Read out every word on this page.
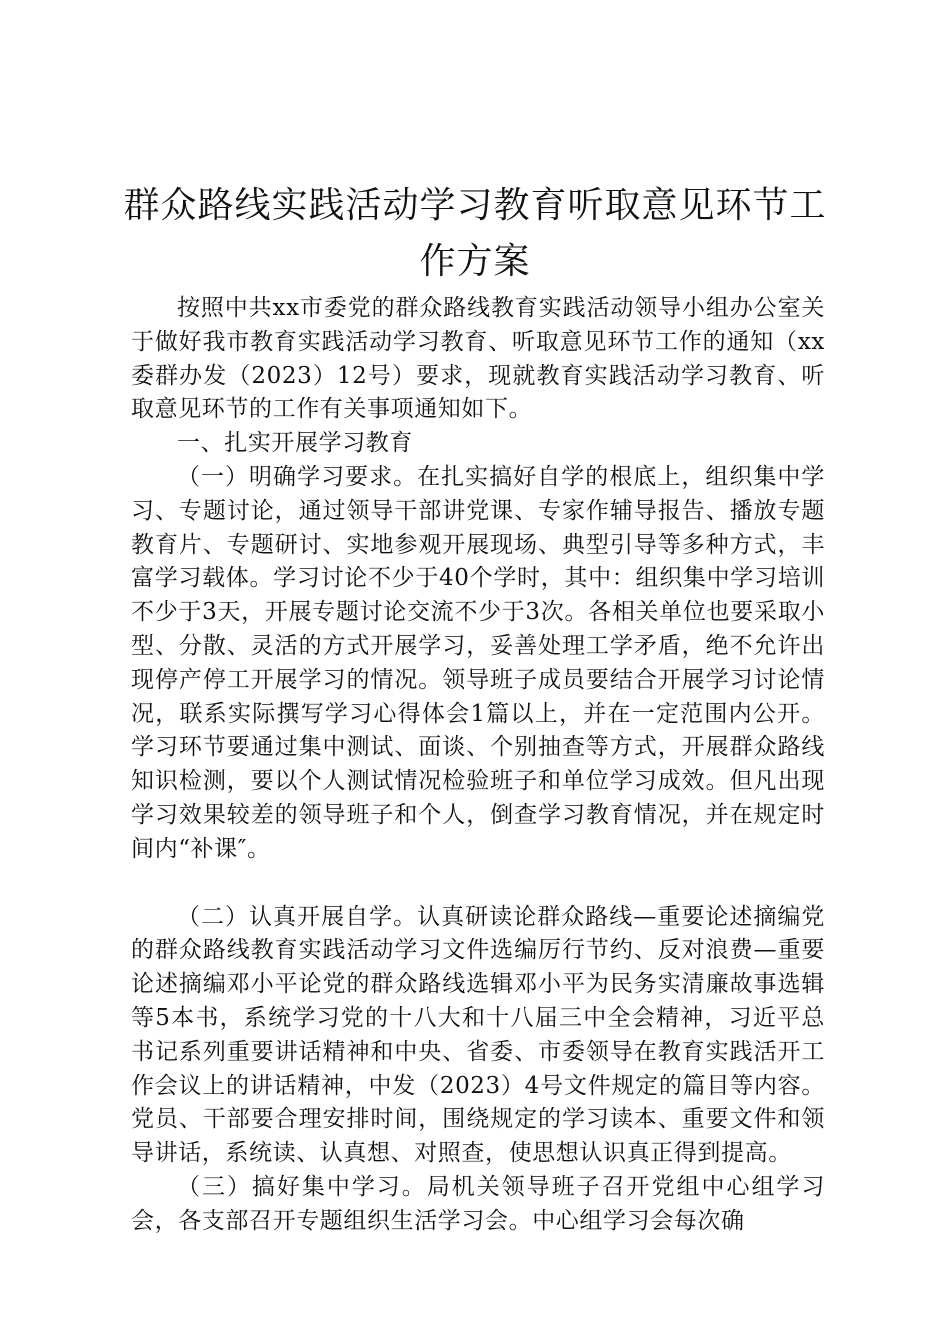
群众路线实践活动学习教育听取意见环节工作方案

按照中共xx市委党的群众路线教育实践活动领导小组办公室关于做好我市教育实践活动学习教育、听取意见环节工作的通知（xx委群办发（2023）12号）要求，现就教育实践活动学习教育、听取意见环节的工作有关事项通知如下。

一、扎实开展学习教育

（一）明确学习要求。在扎实搞好自学的根底上，组织集中学习、专题讨论，通过领导干部讲党课、专家作辅导报告、播放专题教育片、专题研讨、实地参观开展现场、典型引导等多种方式，丰富学习载体。学习讨论不少于40个学时，其中：组织集中学习培训不少于3天，开展专题讨论交流不少于3次。各相关单位也要采取小型、分散、灵活的方式开展学习，妥善处理工学矛盾，绝不允许出现停产停工开展学习的情况。领导班子成员要结合开展学习讨论情况，联系实际撰写学习心得体会1篇以上，并在一定范围内公开。学习环节要通过集中测试、面谈、个别抽查等方式，开展群众路线知识检测，要以个人测试情况检验班子和单位学习成效。但凡出现学习效果较差的领导班子和个人，倒查学习教育情况，并在规定时间内“补课″。

（二）认真开展自学。认真研读论群众路线—重要论述摘编党的群众路线教育实践活动学习文件选编厉行节约、反对浪费—重要论述摘编邓小平论党的群众路线选辑邓小平为民务实清廉故事选辑等5本书，系统学习党的十八大和十八届三中全会精神，习近平总书记系列重要讲话精神和中央、省委、市委领导在教育实践活开工作会议上的讲话精神，中发（2023）4号文件规定的篇目等内容。党员、干部要合理安排时间，围绕规定的学习读本、重要文件和领导讲话，系统读、认真想、对照查，使思想认识真正得到提高。

（三）搞好集中学习。局机关领导班子召开党组中心组学习会，各支部召开专题组织生活学习会。中心组学习会每次确
